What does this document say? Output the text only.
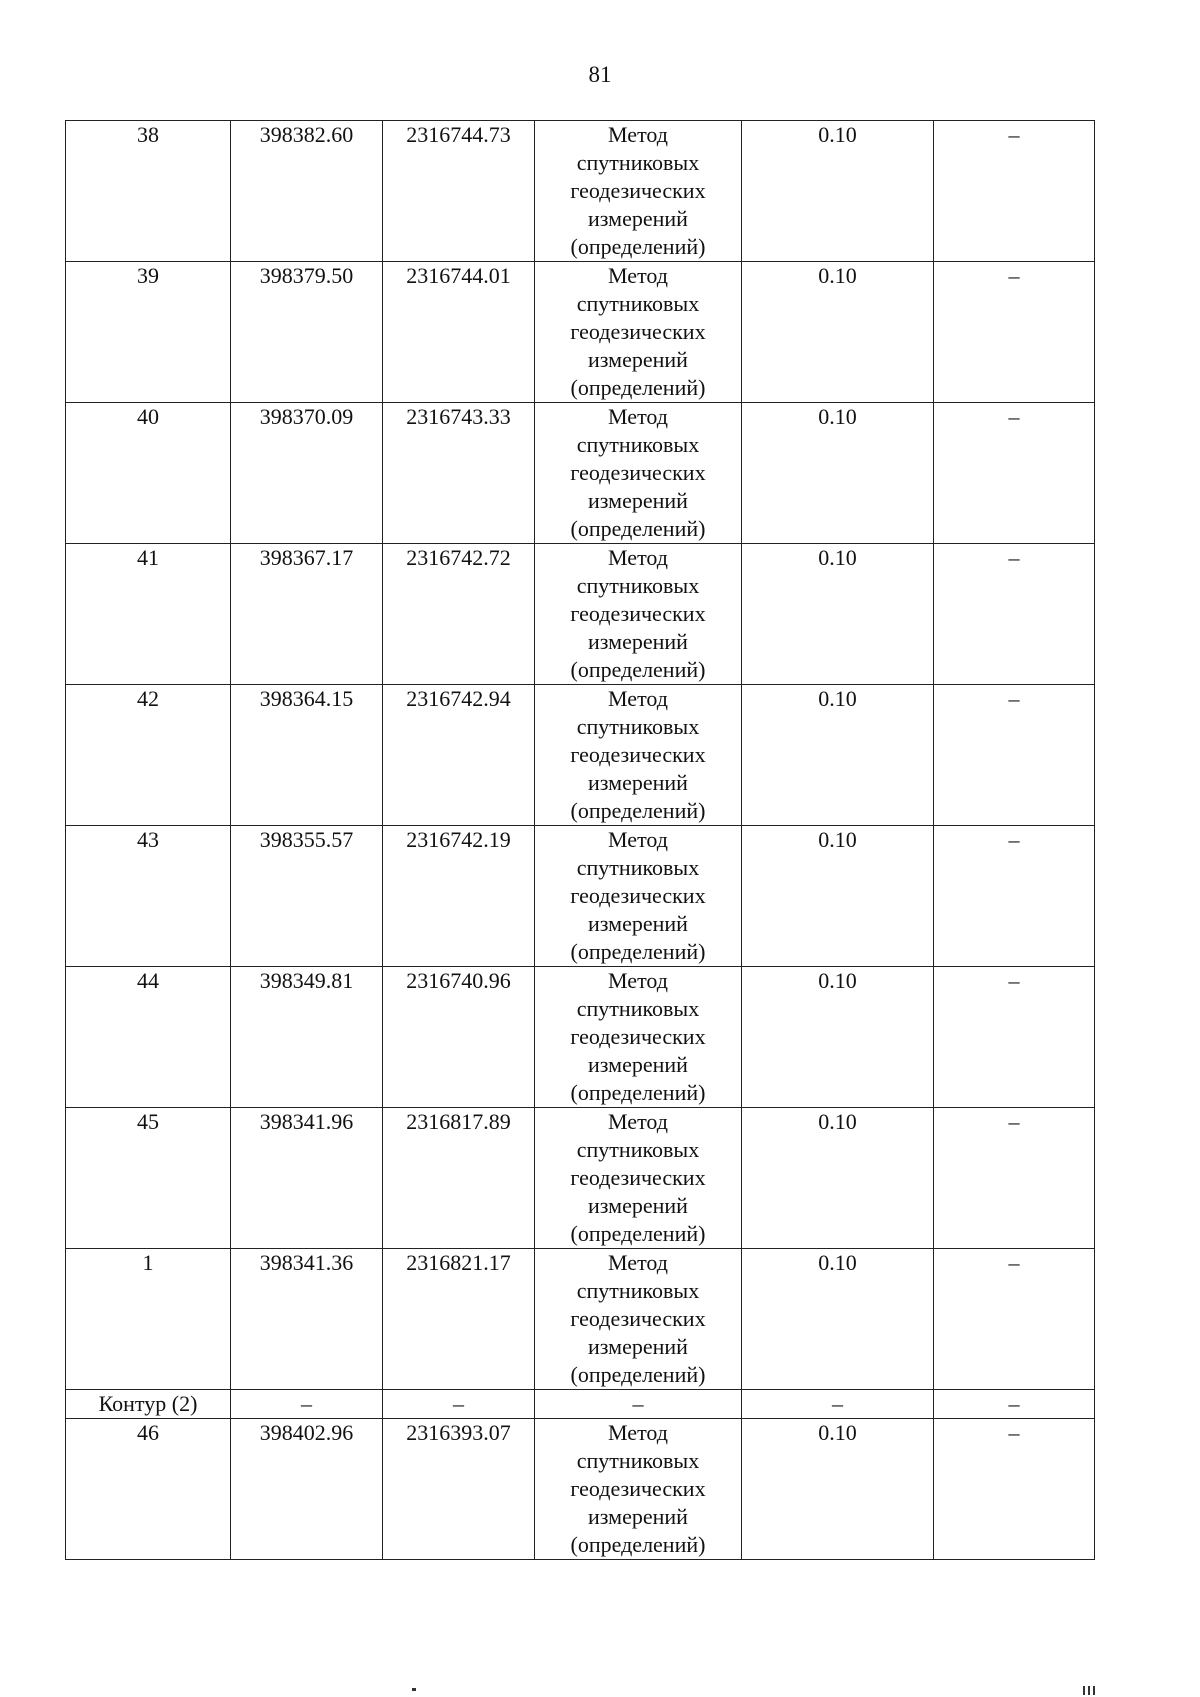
81
38	398382.60	2316744.73	Метод
спутниковых
геодезических
измерений
(определений)	0.10	–
39	398379.50	2316744.01	Метод
спутниковых
геодезических
измерений
(определений)	0.10	–
40	398370.09	2316743.33	Метод
спутниковых
геодезических
измерений
(определений)	0.10	–
41	398367.17	2316742.72	Метод
спутниковых
геодезических
измерений
(определений)	0.10	–
42	398364.15	2316742.94	Метод
спутниковых
геодезических
измерений
(определений)	0.10	–
43	398355.57	2316742.19	Метод
спутниковых
геодезических
измерений
(определений)	0.10	–
44	398349.81	2316740.96	Метод
спутниковых
геодезических
измерений
(определений)	0.10	–
45	398341.96	2316817.89	Метод
спутниковых
геодезических
измерений
(определений)	0.10	–
1	398341.36	2316821.17	Метод
спутниковых
геодезических
измерений
(определений)	0.10	–
Контур (2)	–	–	–	–	–
46	398402.96	2316393.07	Метод
спутниковых
геодезических
измерений
(определений)	0.10	–
